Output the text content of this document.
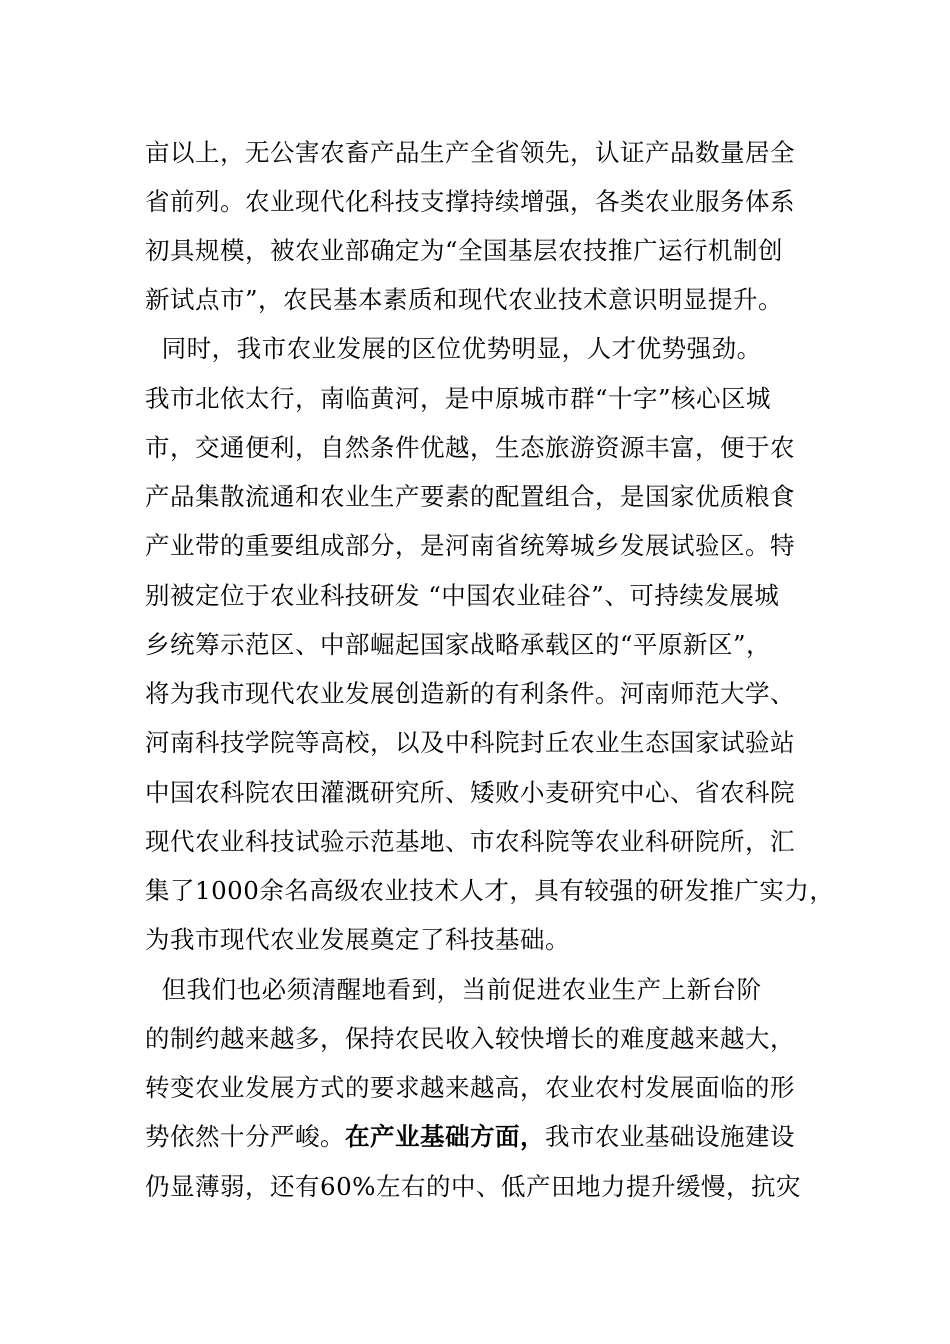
亩以上，无公害农畜产品生产全省领先，认证产品数量居全
省前列。农业现代化科技支撑持续增强，各类农业服务体系
初具规模，被农业部确定为“全国基层农技推广运行机制创
新试点市”，农民基本素质和现代农业技术意识明显提升。
同时，我市农业发展的区位优势明显，人才优势强劲。
我市北依太行，南临黄河，是中原城市群“十字”核心区城
市，交通便利，自然条件优越，生态旅游资源丰富，便于农
产品集散流通和农业生产要素的配置组合，是国家优质粮食
产业带的重要组成部分，是河南省统筹城乡发展试验区。特
别被定位于农业科技研发 “中国农业硅谷”、可持续发展城
乡统筹示范区、中部崛起国家战略承载区的“平原新区”，
将为我市现代农业发展创造新的有利条件。河南师范大学、
河南科技学院等高校，以及中科院封丘农业生态国家试验站
中国农科院农田灌溉研究所、矮败小麦研究中心、省农科院
现代农业科技试验示范基地、市农科院等农业科研院所，汇
集了1000余名高级农业技术人才，具有较强的研发推广实力，
为我市现代农业发展奠定了科技基础。
但我们也必须清醒地看到，当前促进农业生产上新台阶
的制约越来越多，保持农民收入较快增长的难度越来越大，
转变农业发展方式的要求越来越高，农业农村发展面临的形
势依然十分严峻。在产业基础方面，我市农业基础设施建设
仍显薄弱，还有60%左右的中、低产田地力提升缓慢，抗灾
